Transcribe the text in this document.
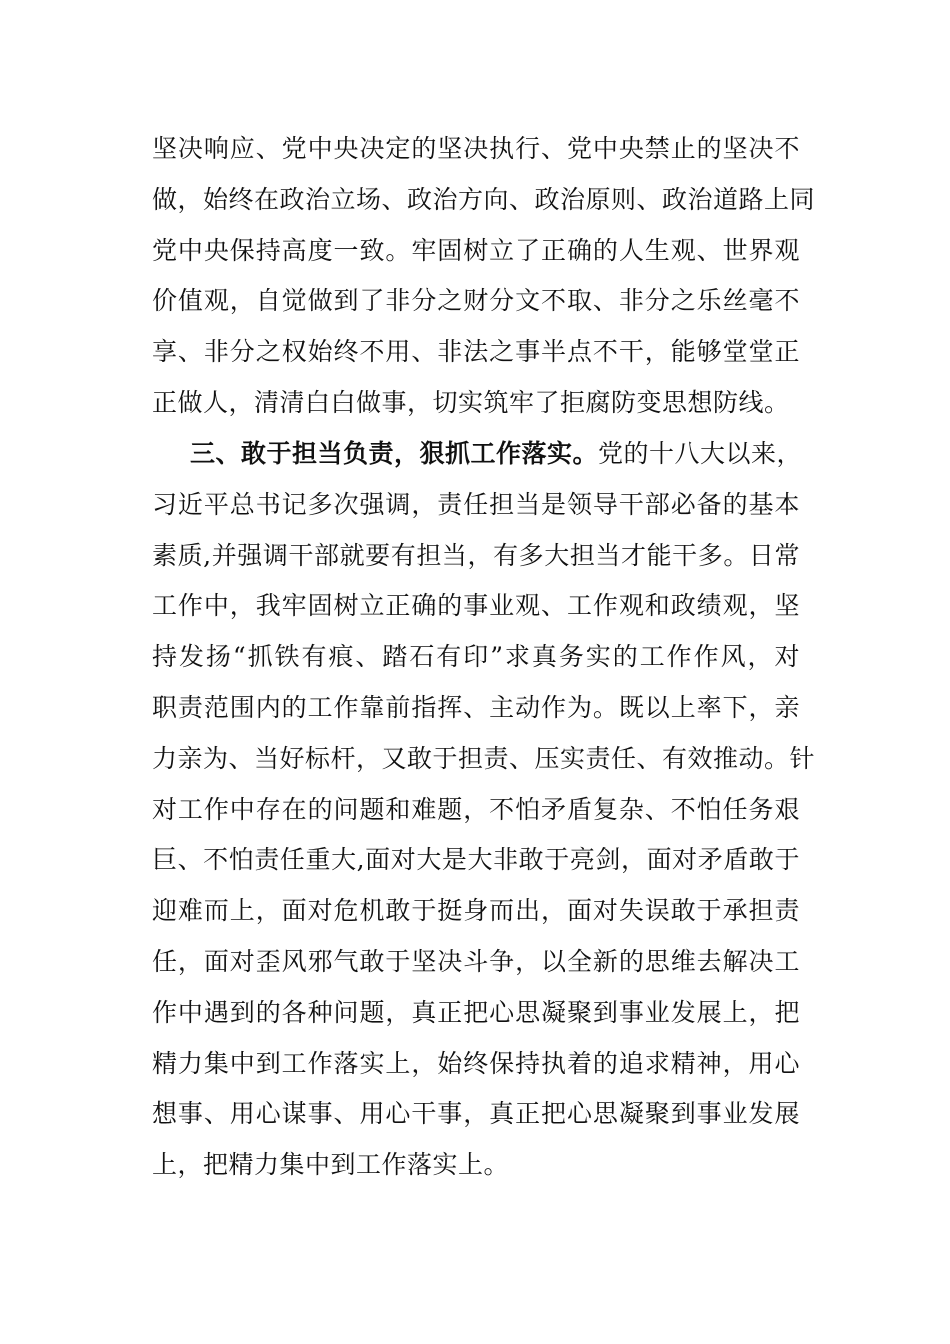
坚决响应、党中央决定的坚决执行、党中央禁止的坚决不
做，始终在政治立场、政治方向、政治原则、政治道路上同
党中央保持高度一致。牢固树立了正确的人生观、世界观
价值观，自觉做到了非分之财分文不取、非分之乐丝毫不
享、非分之权始终不用、非法之事半点不干，能够堂堂正
正做人，清清白白做事，切实筑牢了拒腐防变思想防线。
三、敢于担当负责，狠抓工作落实。党的十八大以来，
习近平总书记多次强调，责任担当是领导干部必备的基本
素质,并强调干部就要有担当，有多大担当才能干多。日常
工作中，我牢固树立正确的事业观、工作观和政绩观，坚
持发扬“抓铁有痕、踏石有印”求真务实的工作作风，对
职责范围内的工作靠前指挥、主动作为。既以上率下，亲
力亲为、当好标杆，又敢于担责、压实责任、有效推动。针
对工作中存在的问题和难题，不怕矛盾复杂、不怕任务艰
巨、不怕责任重大,面对大是大非敢于亮剑，面对矛盾敢于
迎难而上，面对危机敢于挺身而出，面对失误敢于承担责
任，面对歪风邪气敢于坚决斗争，以全新的思维去解决工
作中遇到的各种问题，真正把心思凝聚到事业发展上，把
精力集中到工作落实上，始终保持执着的追求精神，用心
想事、用心谋事、用心干事，真正把心思凝聚到事业发展
上，把精力集中到工作落实上。
